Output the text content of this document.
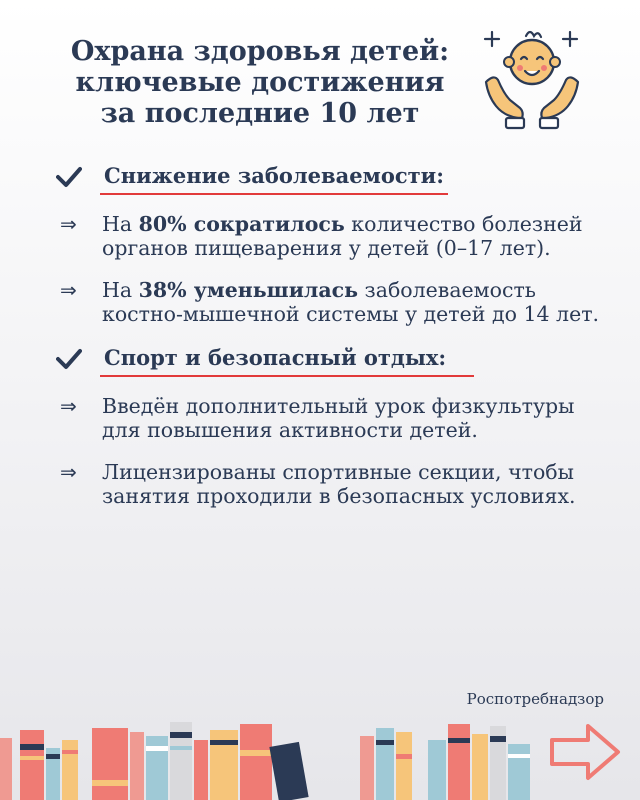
Охрана здоровья детей:
ключевые достижения
за последние 10 лет
Снижение заболеваемости:
⇒ На 80% сократилось количество болезней органов пищеварения у детей (0–17 лет).
⇒ На 38% уменьшилась заболеваемость костно-мышечной системы у детей до 14 лет.
Спорт и безопасный отдых:
⇒ Введён дополнительный урок физкультуры для повышения активности детей.
⇒ Лицензированы спортивные секции, чтобы занятия проходили в безопасных условиях.
Роспотребнадзор
